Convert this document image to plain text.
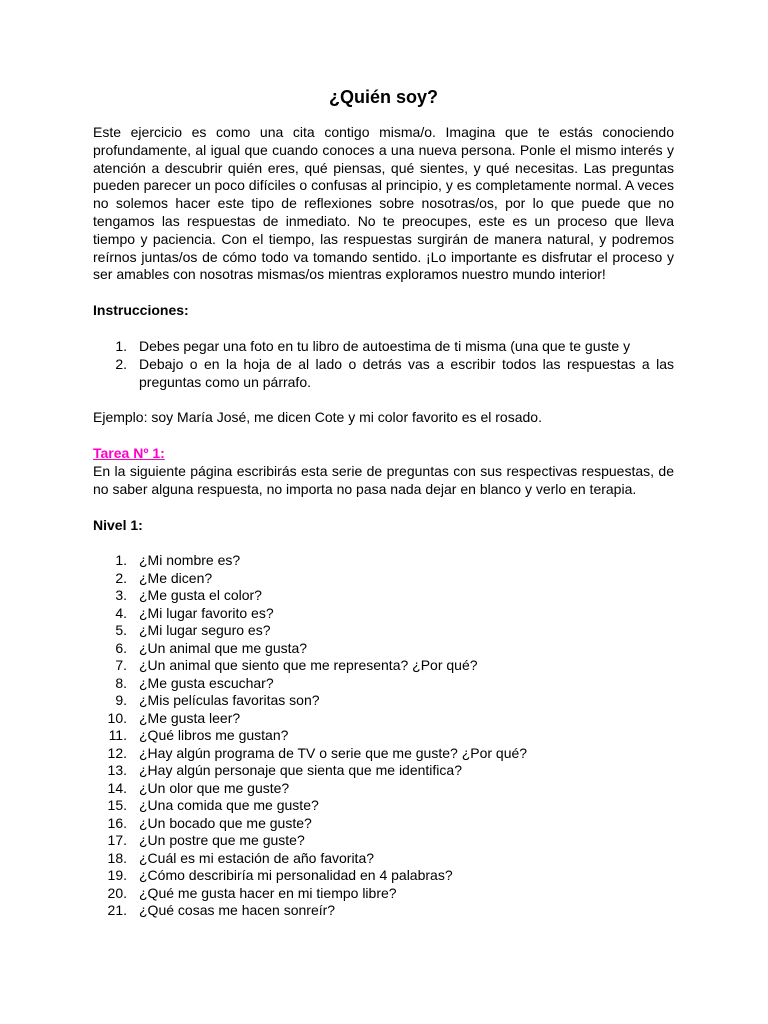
¿Quién soy?

Este ejercicio es como una cita contigo misma/o. Imagina que te estás conociendo profundamente, al igual que cuando conoces a una nueva persona. Ponle el mismo interés y atención a descubrir quién eres, qué piensas, qué sientes, y qué necesitas. Las preguntas pueden parecer un poco difíciles o confusas al principio, y es completamente normal. A veces no solemos hacer este tipo de reflexiones sobre nosotras/os, por lo que puede que no tengamos las respuestas de inmediato. No te preocupes, este es un proceso que lleva tiempo y paciencia. Con el tiempo, las respuestas surgirán de manera natural, y podremos reírnos juntas/os de cómo todo va tomando sentido. ¡Lo importante es disfrutar el proceso y ser amables con nosotras mismas/os mientras exploramos nuestro mundo interior!

Instrucciones:

1. Debes pegar una foto en tu libro de autoestima de ti misma (una que te guste y
2. Debajo o en la hoja de al lado o detrás vas a escribir todos las respuestas a las preguntas como un párrafo.

Ejemplo: soy María José, me dicen Cote y mi color favorito es el rosado.

Tarea Nº 1:

En la siguiente página escribirás esta serie de preguntas con sus respectivas respuestas, de no saber alguna respuesta, no importa no pasa nada dejar en blanco y verlo en terapia.

Nivel 1:

1. ¿Mi nombre es?
2. ¿Me dicen?
3. ¿Me gusta el color?
4. ¿Mi lugar favorito es?
5. ¿Mi lugar seguro es?
6. ¿Un animal que me gusta?
7. ¿Un animal que siento que me representa? ¿Por qué?
8. ¿Me gusta escuchar?
9. ¿Mis películas favoritas son?
10. ¿Me gusta leer?
11. ¿Qué libros me gustan?
12. ¿Hay algún programa de TV o serie que me guste? ¿Por qué?
13. ¿Hay algún personaje que sienta que me identifica?
14. ¿Un olor que me guste?
15. ¿Una comida que me guste?
16. ¿Un bocado que me guste?
17. ¿Un postre que me guste?
18. ¿Cuál es mi estación de año favorita?
19. ¿Cómo describiría mi personalidad en 4 palabras?
20. ¿Qué me gusta hacer en mi tiempo libre?
21. ¿Qué cosas me hacen sonreír?
